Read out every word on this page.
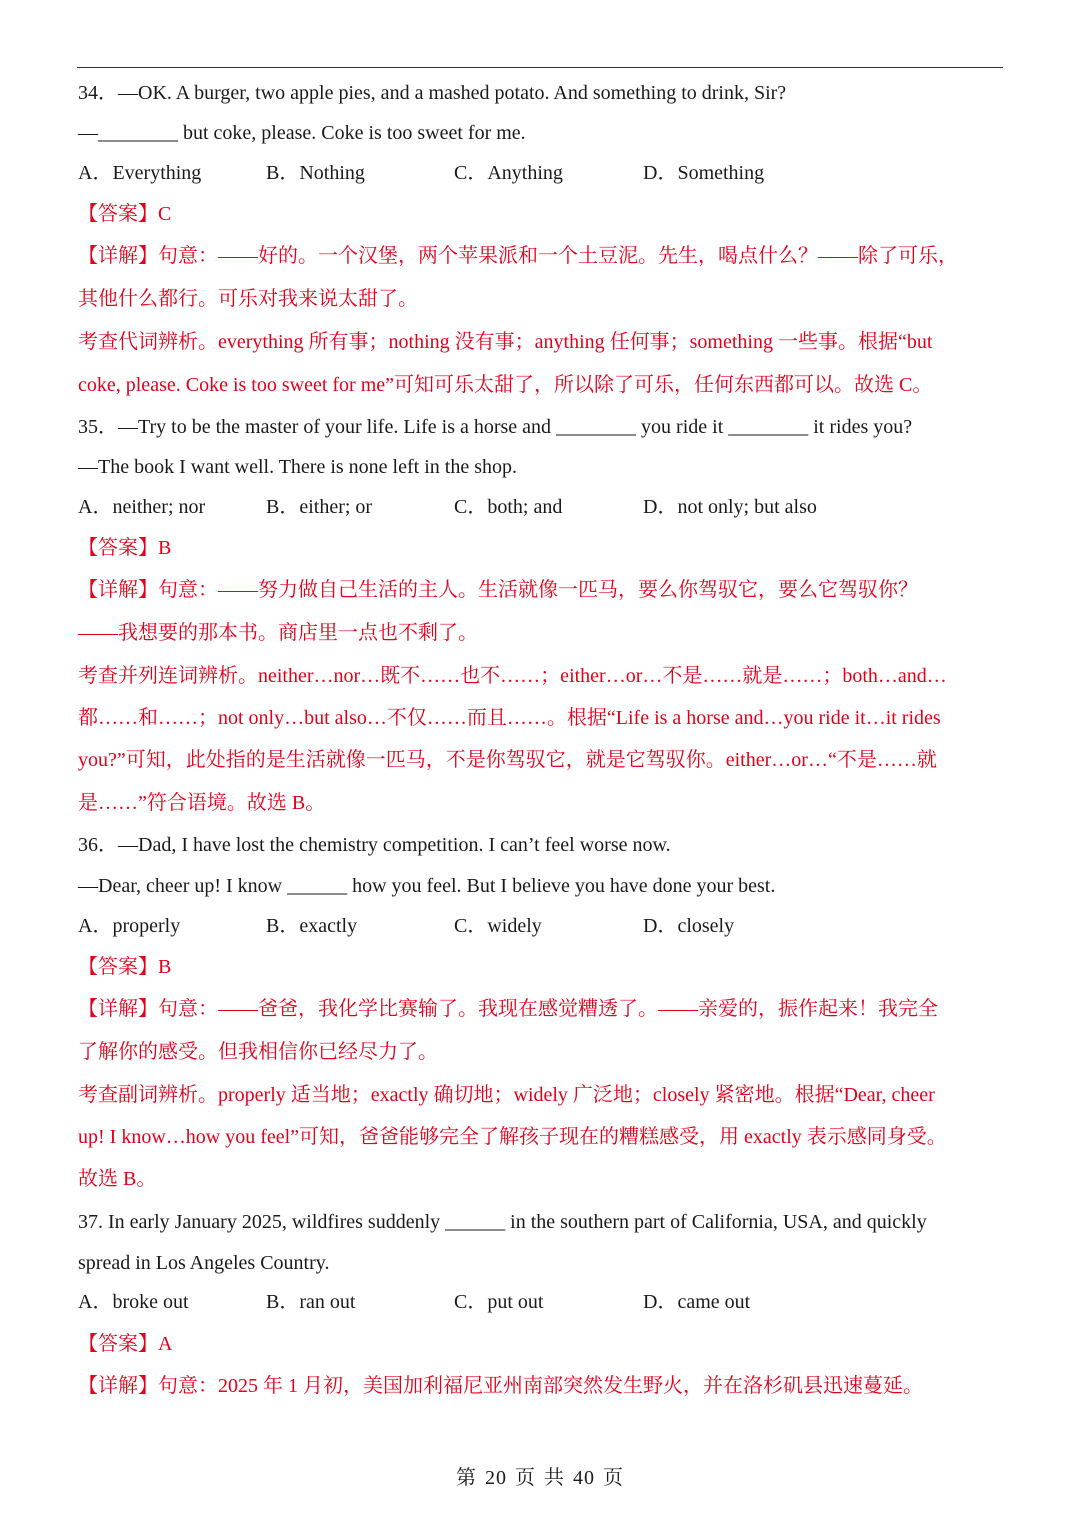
34．—OK. A burger, two apple pies, and a mashed potato. And something to drink, Sir?
—________ but coke, please. Coke is too sweet for me.
A．Everything	B．Nothing	C．Anything	D．Something
【答案】C
【详解】句意：——好的。一个汉堡，两个苹果派和一个土豆泥。先生，喝点什么？——除了可乐，
其他什么都行。可乐对我来说太甜了。
考查代词辨析。everything 所有事；nothing 没有事；anything 任何事；something 一些事。根据“but
coke, please. Coke is too sweet for me”可知可乐太甜了，所以除了可乐，任何东西都可以。故选 C。
35．—Try to be the master of your life. Life is a horse and ________ you ride it ________ it rides you?
—The book I want well. There is none left in the shop.
A．neither; nor	B．either; or	C．both; and	D．not only; but also
【答案】B
【详解】句意：——努力做自己生活的主人。生活就像一匹马，要么你驾驭它，要么它驾驭你？
——我想要的那本书。商店里一点也不剩了。
考查并列连词辨析。neither…nor…既不……也不……；either…or…不是……就是……；both…and…
都……和……；not only…but also…不仅……而且……。根据“Life is a horse and…you ride it…it rides
you?”可知，此处指的是生活就像一匹马，不是你驾驭它，就是它驾驭你。either…or…“不是……就
是……”符合语境。故选 B。
36．—Dad, I have lost the chemistry competition. I can’t feel worse now.
—Dear, cheer up! I know ______ how you feel. But I believe you have done your best.
A．properly	B．exactly	C．widely	D．closely
【答案】B
【详解】句意：——爸爸，我化学比赛输了。我现在感觉糟透了。——亲爱的，振作起来！我完全
了解你的感受。但我相信你已经尽力了。
考查副词辨析。properly 适当地；exactly 确切地；widely 广泛地；closely 紧密地。根据“Dear, cheer
up! I know…how you feel”可知，爸爸能够完全了解孩子现在的糟糕感受，用 exactly 表示感同身受。
故选 B。
37. In early January 2025, wildfires suddenly ______ in the southern part of California, USA, and quickly
spread in Los Angeles Country.
A．broke out	B．ran out	C．put out	D．came out
【答案】A
【详解】句意：2025 年 1 月初，美国加利福尼亚州南部突然发生野火，并在洛杉矶县迅速蔓延。
第 20 页 共 40 页
